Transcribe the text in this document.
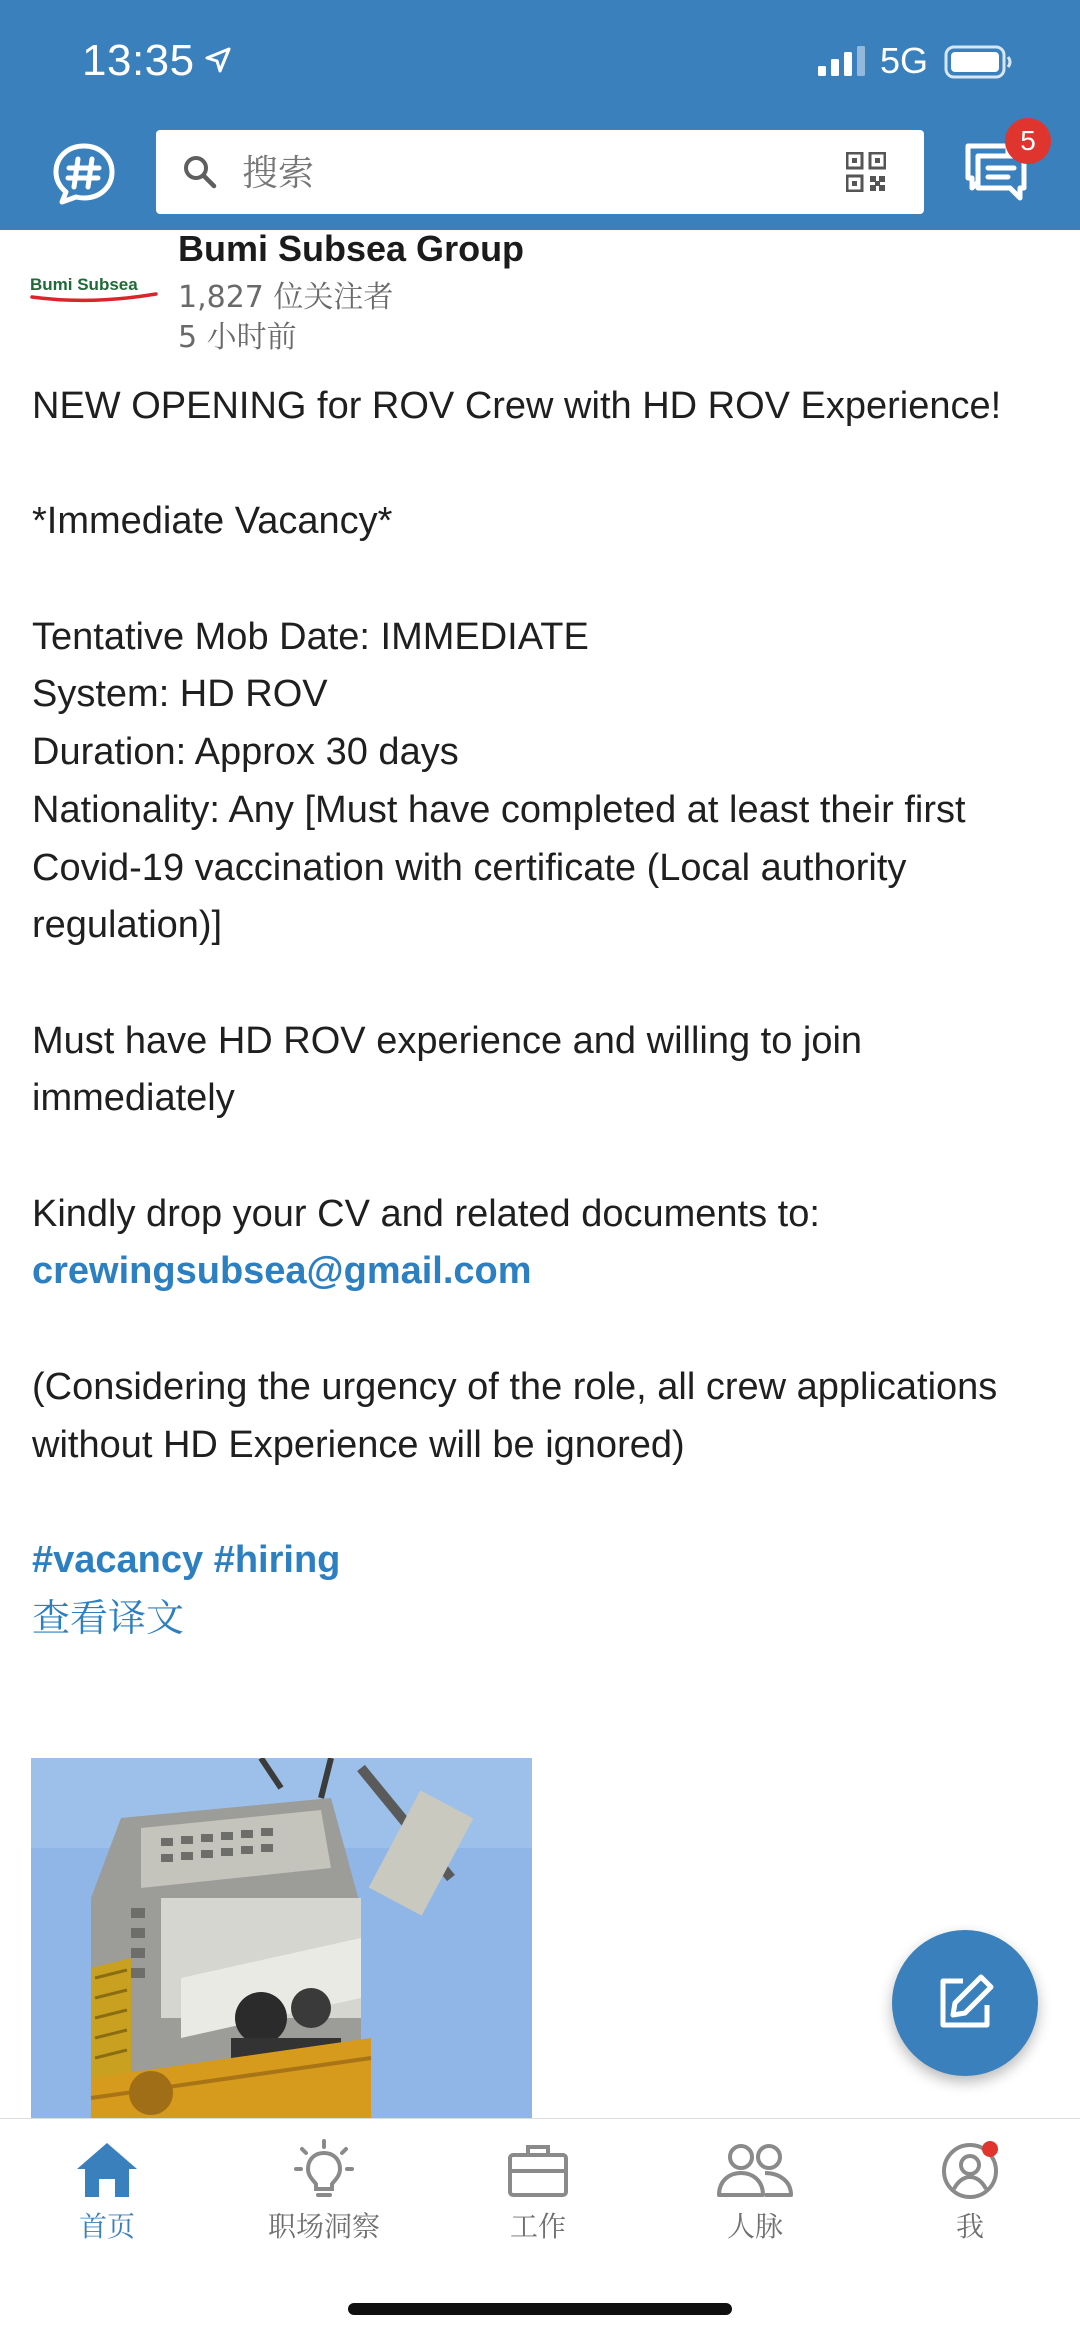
13:35	5G
搜索
5
Bumi Subsea
Bumi Subsea Group
1,827 位关注者
5 小时前

NEW OPENING for ROV Crew with HD ROV Experience!

*Immediate Vacancy*

Tentative Mob Date: IMMEDIATE

System: HD ROV

Duration: Approx 30 days

Nationality: Any [Must have completed at least their first Covid-19 vaccination with certificate (Local authority regulation)]

Must have HD ROV experience and willing to join immediately

Kindly drop your CV and related documents to: crewingsubsea@gmail.com

(Considering the urgency of the role, all crew applications without HD Experience will be ignored)

#vacancy #hiring

查看译文

首页	职场洞察	工作	人脉	我
